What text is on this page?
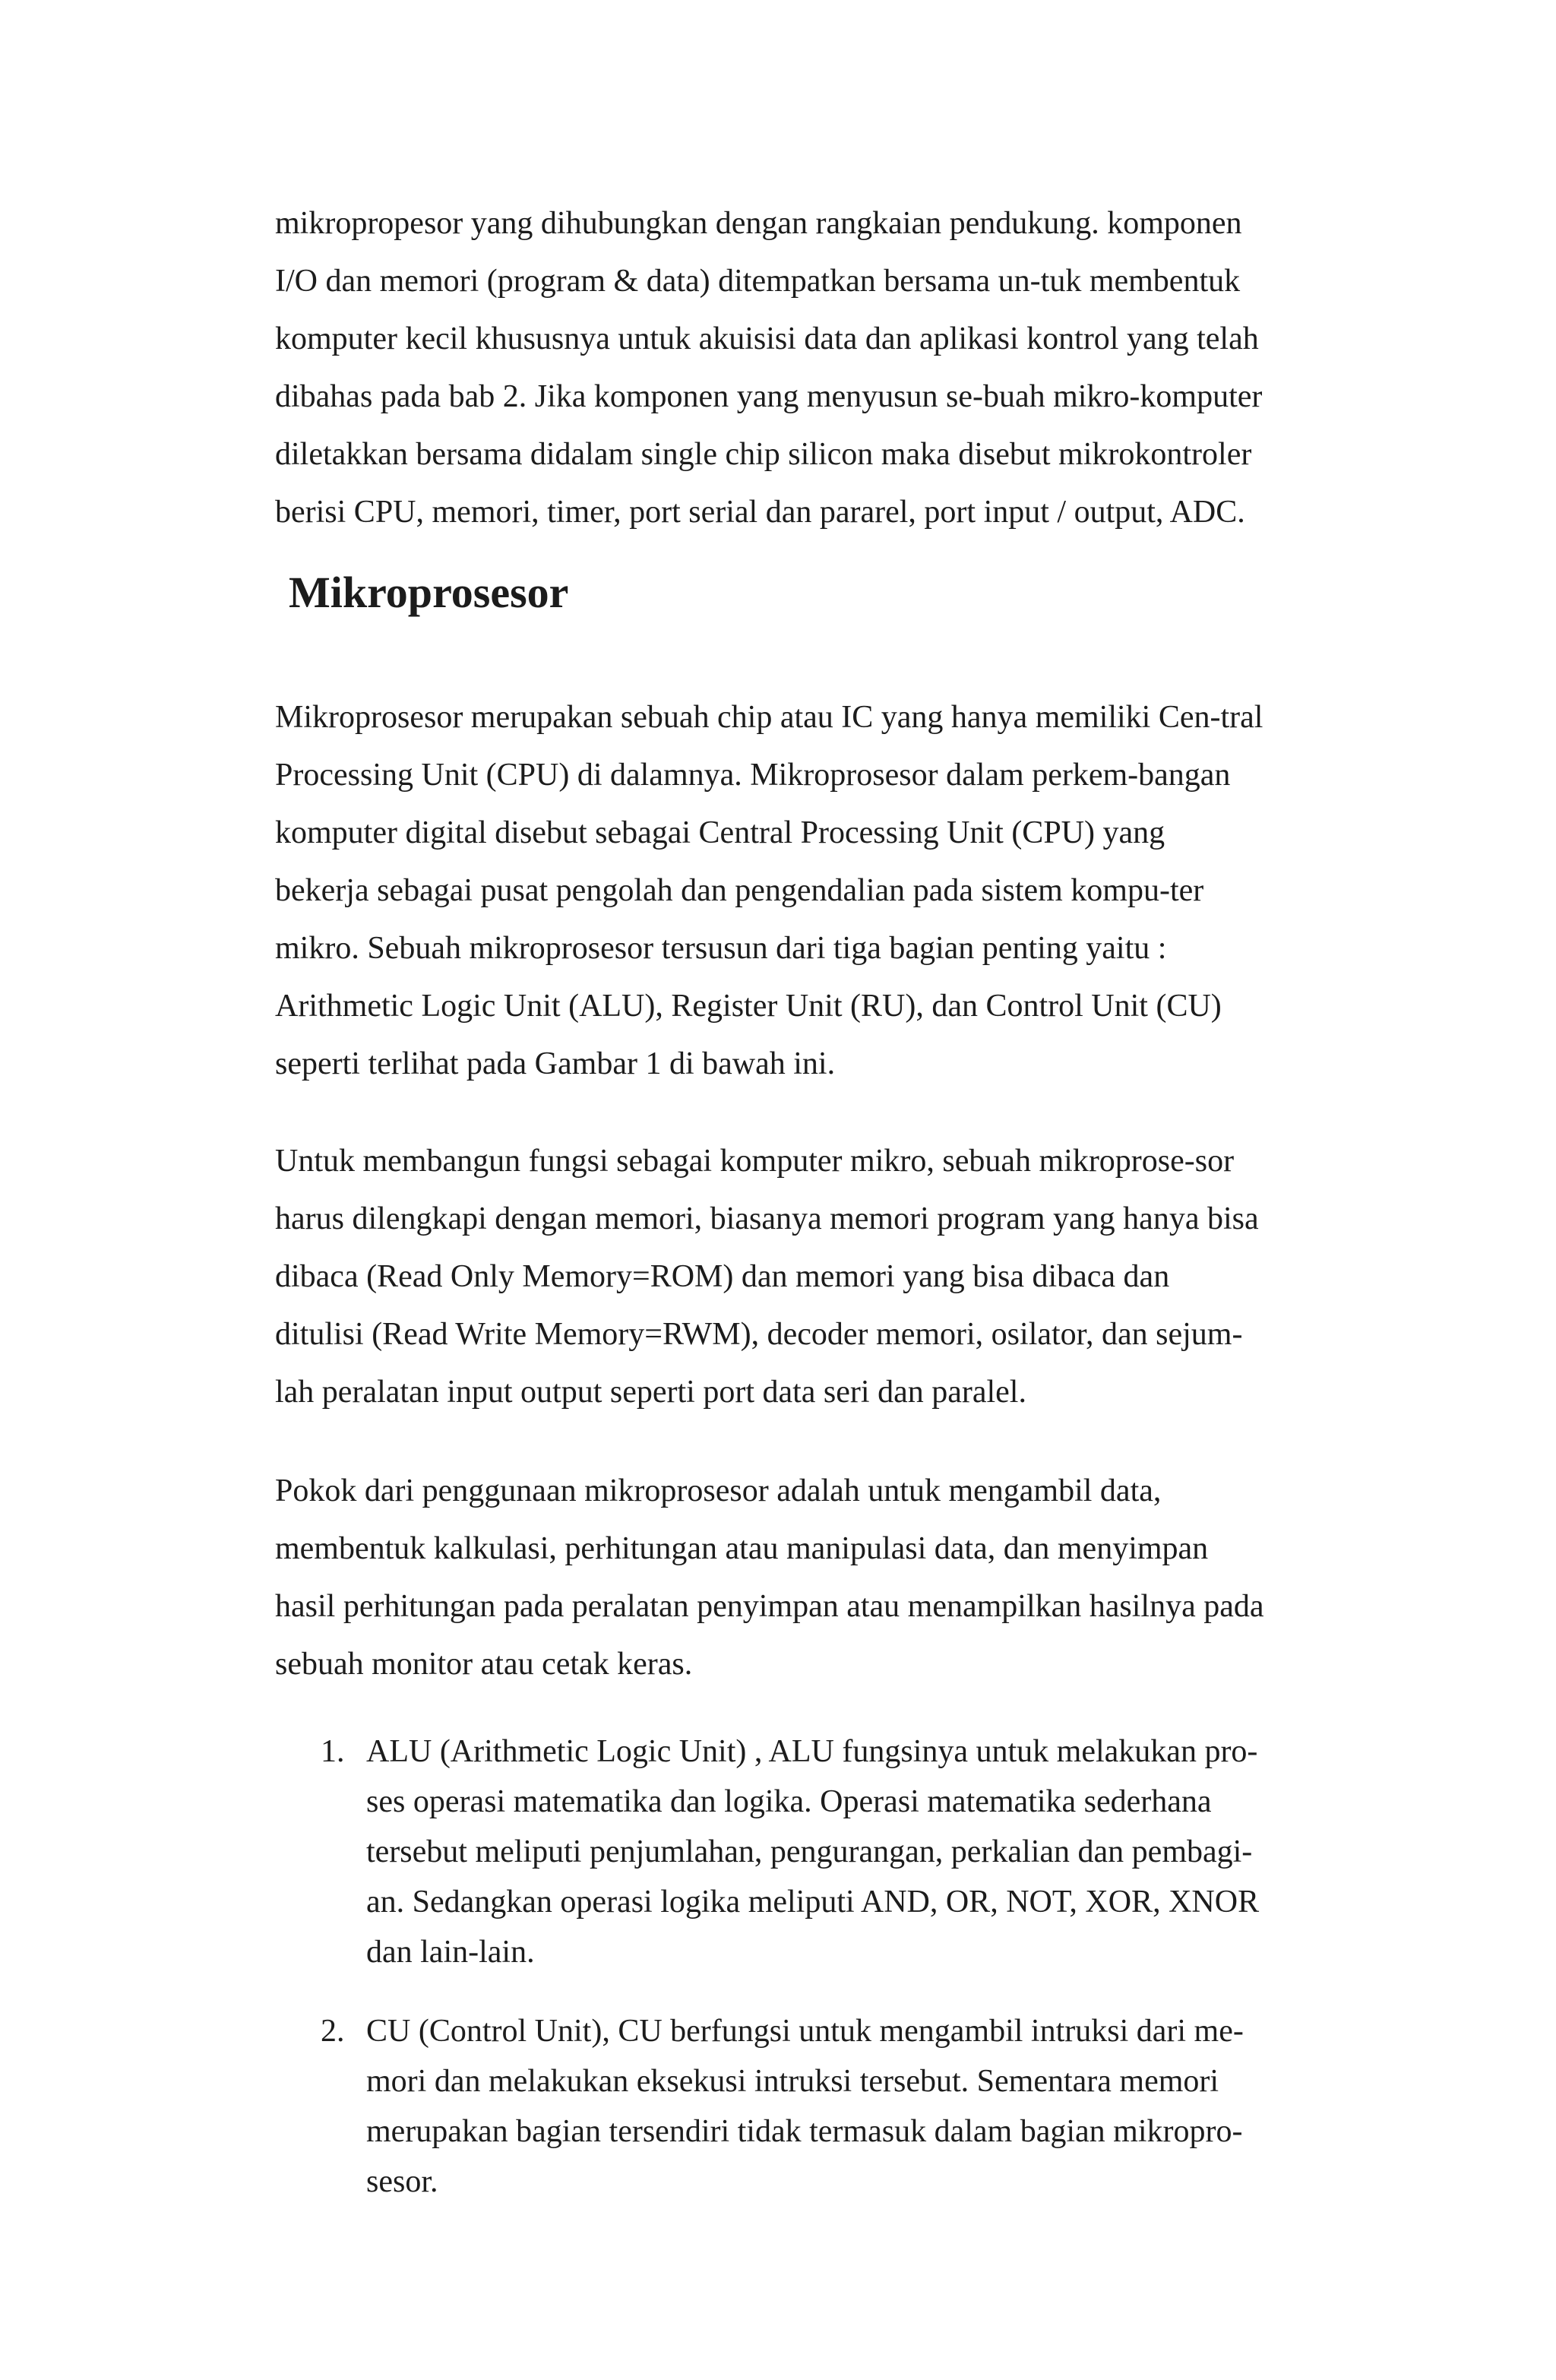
mikropropesor yang dihubungkan dengan rangkaian pendukung. komponen
I/O dan memori (program & data) ditempatkan bersama un-tuk membentuk
komputer kecil khususnya untuk akuisisi data dan aplikasi kontrol yang telah
dibahas pada bab 2. Jika komponen yang menyusun se-buah mikro-komputer
diletakkan bersama didalam single chip silicon maka disebut mikrokontroler
berisi CPU, memori, timer, port serial dan pararel, port input / output, ADC.
Mikroprosesor
Mikroprosesor merupakan sebuah chip atau IC yang hanya memiliki Cen-tral
Processing Unit (CPU) di dalamnya. Mikroprosesor dalam perkem-bangan
komputer digital disebut sebagai Central Processing Unit (CPU) yang
bekerja sebagai pusat pengolah dan pengendalian pada sistem kompu-ter
mikro. Sebuah mikroprosesor tersusun dari tiga bagian penting yaitu :
Arithmetic Logic Unit (ALU), Register Unit (RU), dan Control Unit (CU)
seperti terlihat pada Gambar 1 di bawah ini.
Untuk membangun fungsi sebagai komputer mikro, sebuah mikroprose-sor
harus dilengkapi dengan memori, biasanya memori program yang hanya bisa
dibaca (Read Only Memory=ROM) dan memori yang bisa dibaca dan
ditulisi (Read Write Memory=RWM), decoder memori, osilator, dan sejum-
lah peralatan input output seperti port data seri dan paralel.
Pokok dari penggunaan mikroprosesor adalah untuk mengambil data,
membentuk kalkulasi, perhitungan atau manipulasi data, dan menyimpan
hasil perhitungan pada peralatan penyimpan atau menampilkan hasilnya pada
sebuah monitor atau cetak keras.
1. ALU (Arithmetic Logic Unit) , ALU fungsinya untuk melakukan pro-
ses operasi matematika dan logika. Operasi matematika sederhana
tersebut meliputi penjumlahan, pengurangan, perkalian dan pembagi-
an. Sedangkan operasi logika meliputi AND, OR, NOT, XOR, XNOR
dan lain-lain.
2. CU (Control Unit), CU berfungsi untuk mengambil intruksi dari me-
mori dan melakukan eksekusi intruksi tersebut. Sementara memori
merupakan bagian tersendiri tidak termasuk dalam bagian mikropro-
sesor.
